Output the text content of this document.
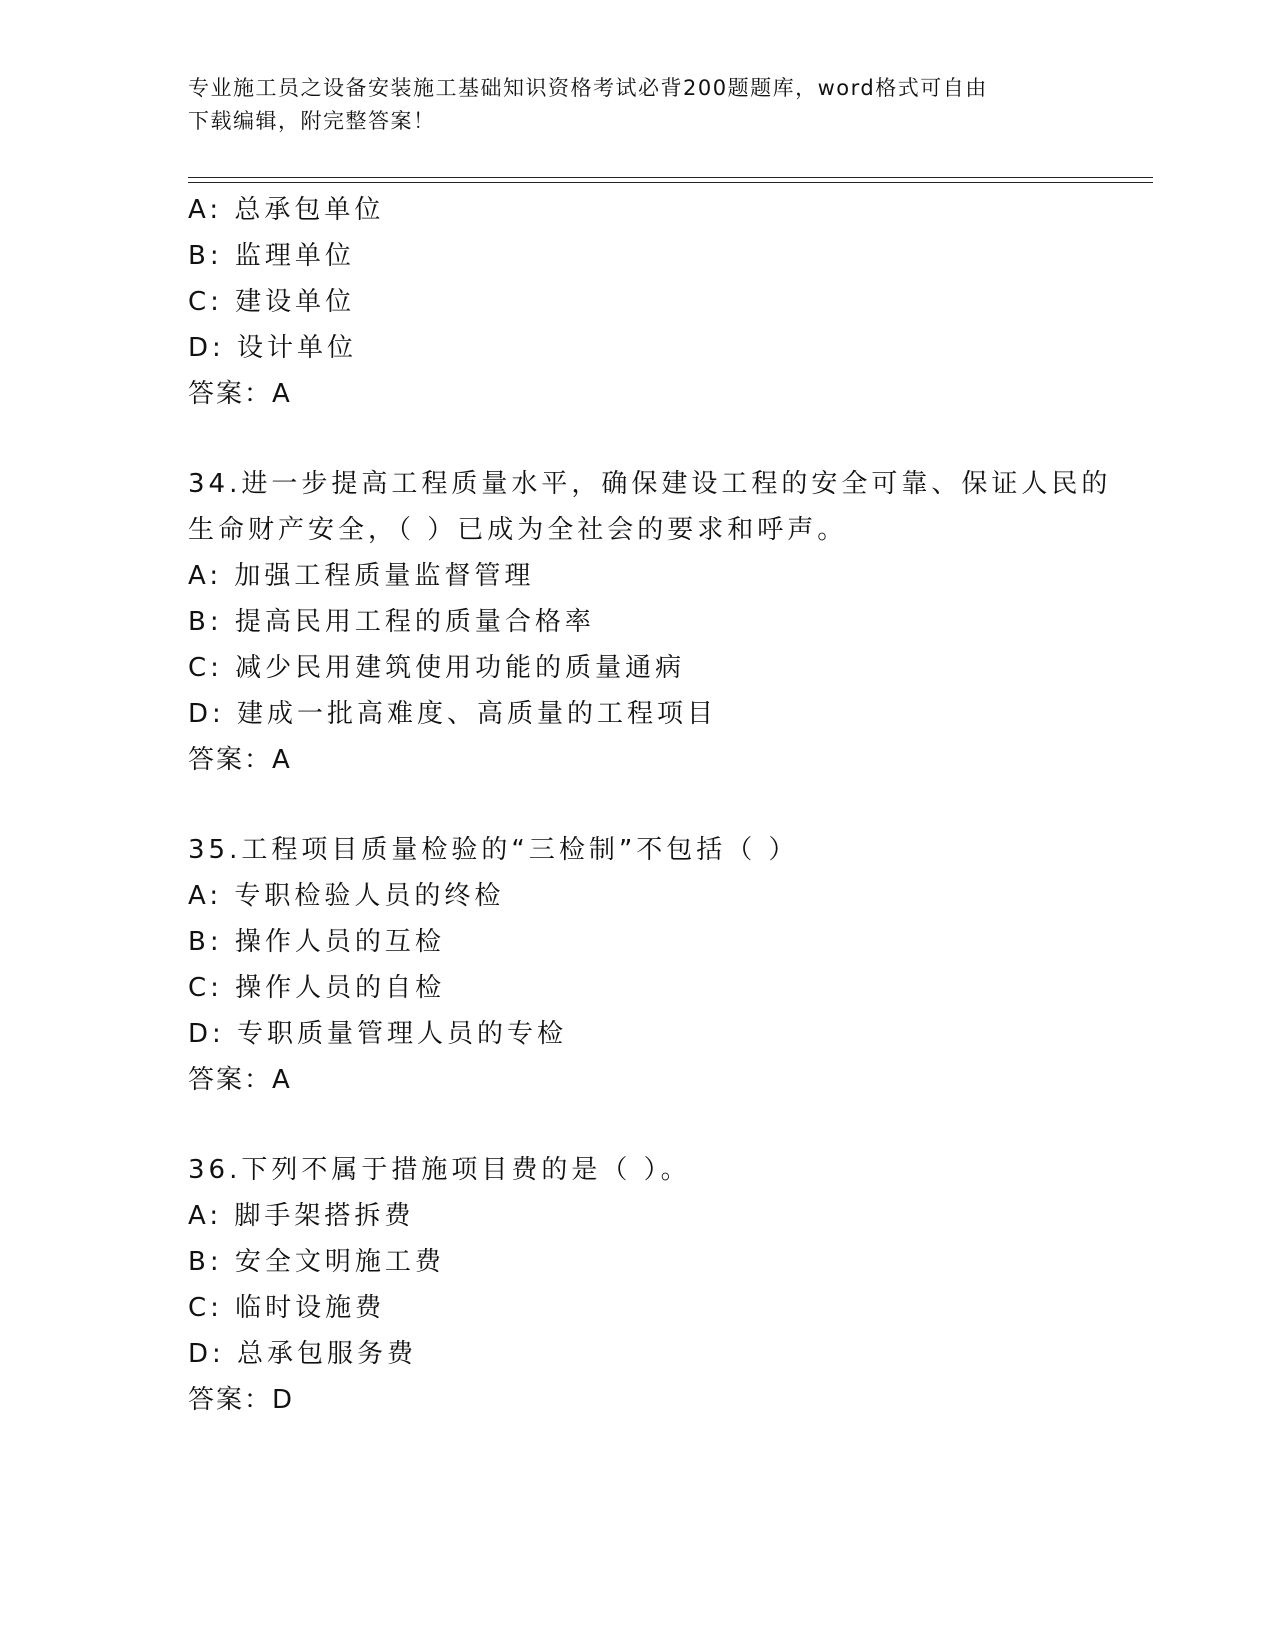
专业施工员之设备安装施工基础知识资格考试必背200题题库，word格式可自由
下载编辑，附完整答案！
A: 总承包单位
B: 监理单位
C: 建设单位
D: 设计单位
答案：A
34.进一步提高工程质量水平，确保建设工程的安全可靠、保证人民的
生命财产安全，（ ）已成为全社会的要求和呼声。
A: 加强工程质量监督管理
B: 提高民用工程的质量合格率
C: 减少民用建筑使用功能的质量通病
D: 建成一批高难度、高质量的工程项目
答案：A
35.工程项目质量检验的“三检制”不包括（ ）
A: 专职检验人员的终检
B: 操作人员的互检
C: 操作人员的自检
D: 专职质量管理人员的专检
答案：A
36.下列不属于措施项目费的是（ ）。
A: 脚手架搭拆费
B: 安全文明施工费
C: 临时设施费
D: 总承包服务费
答案：D
